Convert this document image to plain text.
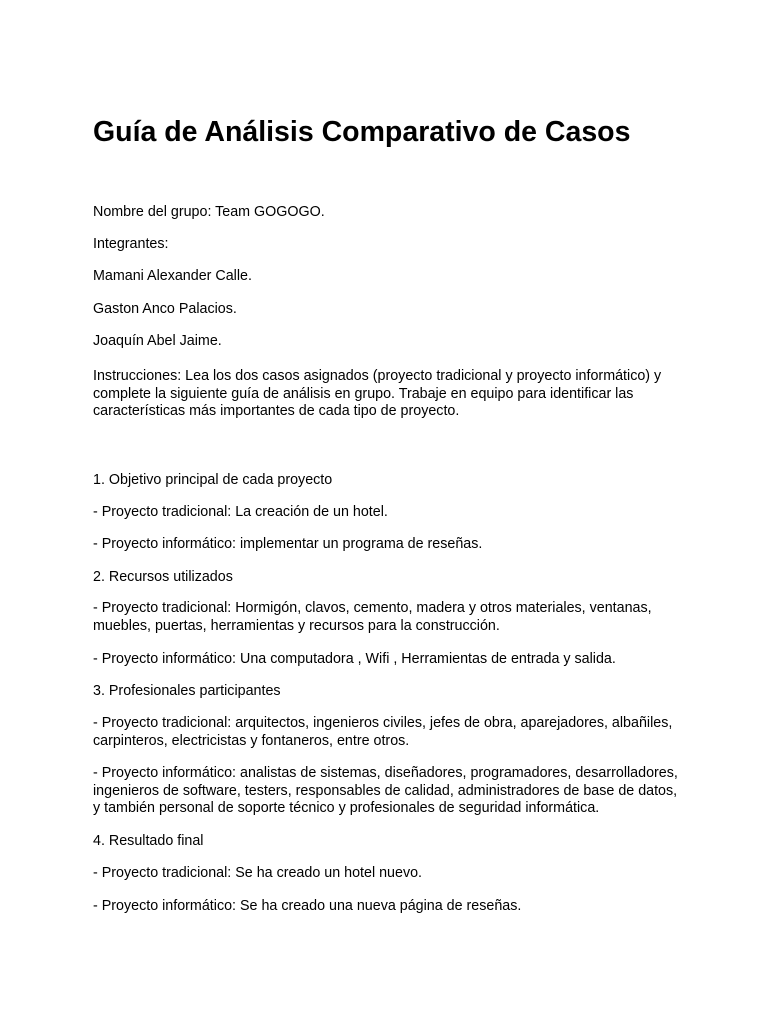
Guía de Análisis Comparativo de Casos

Nombre del grupo: Team GOGOGO.

Integrantes:

Mamani Alexander Calle.

Gaston Anco Palacios.

Joaquín Abel Jaime.

Instrucciones: Lea los dos casos asignados (proyecto tradicional y proyecto informático) y complete la siguiente guía de análisis en grupo. Trabaje en equipo para identificar las características más importantes de cada tipo de proyecto.

1. Objetivo principal de cada proyecto

- Proyecto tradicional: La creación de un hotel.

- Proyecto informático: implementar un programa de reseñas.

2. Recursos utilizados

- Proyecto tradicional: Hormigón, clavos, cemento, madera y otros materiales, ventanas, muebles, puertas, herramientas y recursos para la construcción.

- Proyecto informático: Una computadora , Wifi , Herramientas de entrada y salida.

3. Profesionales participantes

- Proyecto tradicional: arquitectos, ingenieros civiles, jefes de obra, aparejadores, albañiles, carpinteros, electricistas y fontaneros, entre otros.

- Proyecto informático: analistas de sistemas, diseñadores, programadores, desarrolladores, ingenieros de software, testers, responsables de calidad, administradores de base de datos, y también personal de soporte técnico y profesionales de seguridad informática.

4. Resultado final

- Proyecto tradicional: Se ha creado un hotel nuevo.

- Proyecto informático: Se ha creado una nueva página de reseñas.
